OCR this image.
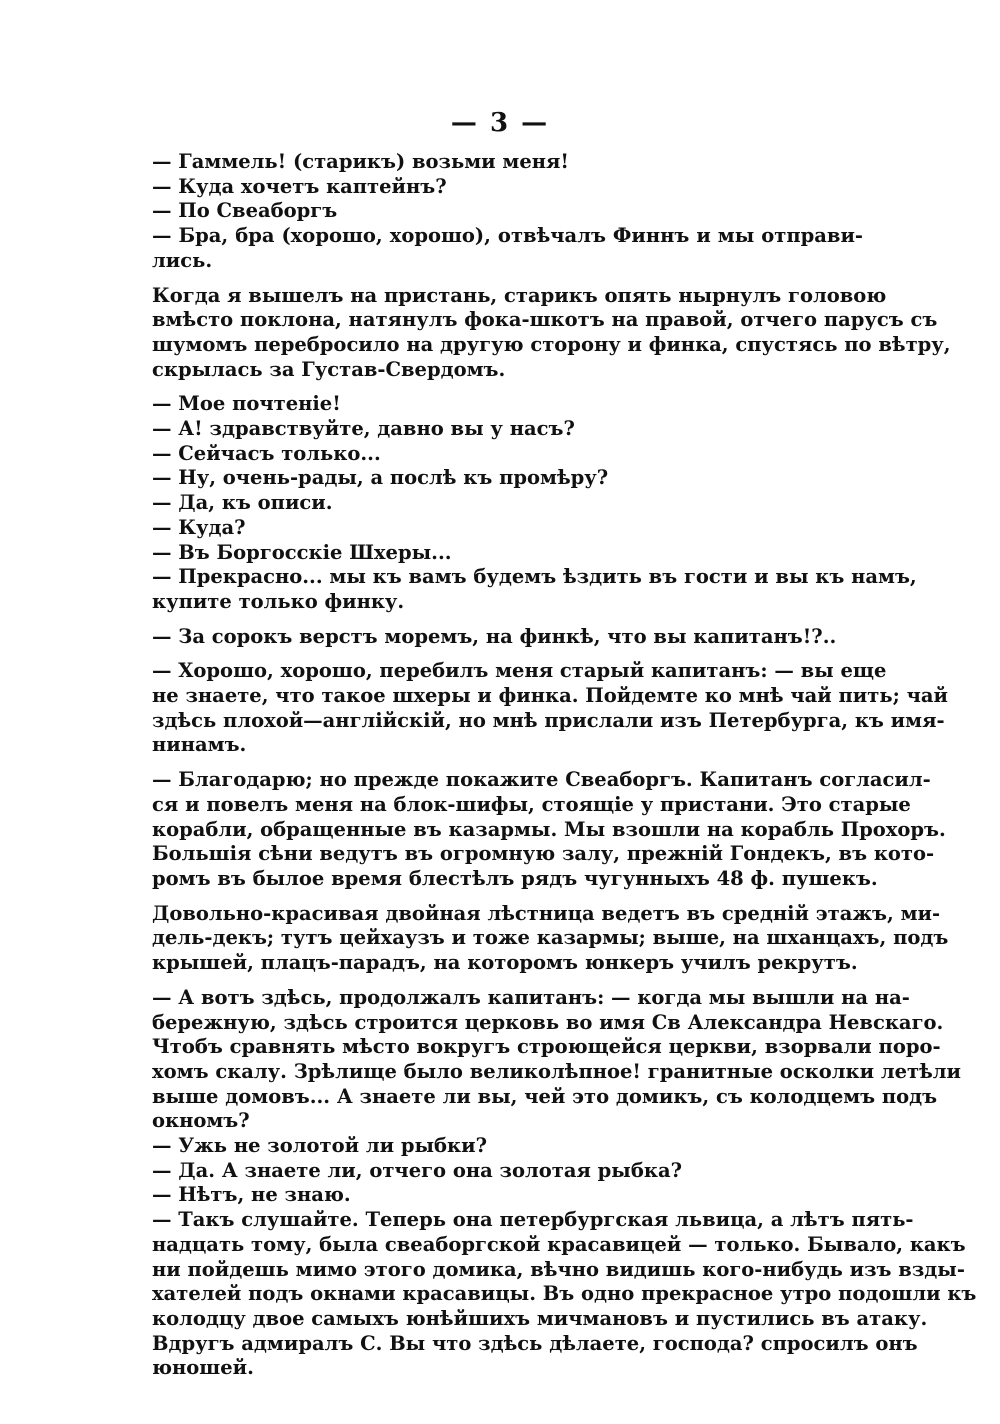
— 3 —
— Гаммель! (старикъ) возьми меня!
— Куда хочетъ каптейнъ?
— По Свеаборгъ
— Бра, бра (хорошо, хорошо), отвѣчалъ Финнъ и мы отправи-
лись.
Когда я вышелъ на пристань, старикъ опять нырнулъ головою
вмѣсто поклона, натянулъ фока-шкотъ на правой, отчего парусъ съ
шумомъ перебросило на другую сторону и финка, спустясь по вѣтру,
скрылась за Густав-Свердомъ.
— Мое почтенiе!
— А! здравствуйте, давно вы у насъ?
— Сейчасъ только...
— Ну, очень-рады, а послѣ къ промѣру?
— Да, къ описи.
— Куда?
— Въ Боргосскiе Шхеры...
— Прекрасно... мы къ вамъ будемъ ѣздить въ гости и вы къ намъ,
купите только финку.
— За сорокъ верстъ моремъ, на финкѣ, что вы капитанъ!?..
— Хорошо, хорошо, перебилъ меня старый капитанъ: — вы еще
не знаете, что такое шхеры и финка. Пойдемте ко мнѣ чай пить; чай
здѣсь плохой—англiйскiй, но мнѣ прислали изъ Петербурга, къ имя-
нинамъ.
— Благодарю; но прежде покажите Свеаборгъ. Капитанъ согласил-
ся и повелъ меня на блок-шифы, стоящiе у пристани. Это старые
корабли, обращенные въ казармы. Мы взошли на корабль Прохоръ.
Большiя сѣни ведутъ въ огромную залу, прежнiй Гондекъ, въ кото-
ромъ въ былое время блестѣлъ рядъ чугунныхъ 48 ф. пушекъ.
Довольно-красивая двойная лѣстница ведетъ въ среднiй этажъ, ми-
дель-декъ; тутъ цейхаузъ и тоже казармы; выше, на шханцахъ, подъ
крышей, плацъ-парадъ, на которомъ юнкеръ училъ рекрутъ.
— А вотъ здѣсь, продолжалъ капитанъ: — когда мы вышли на на-
бережную, здѣсь строится церковь во имя Св Александра Невскаго.
Чтобъ сравнять мѣсто вокругъ строющейся церкви, взорвали поро-
хомъ скалу. Зрѣлище было великолѣпное! гранитные осколки летѣли
выше домовъ... А знаете ли вы, чей это домикъ, съ колодцемъ подъ
окномъ?
— Ужь не золотой ли рыбки?
— Да. А знаете ли, отчего она золотая рыбка?
— Нѣтъ, не знаю.
— Такъ слушайте. Теперь она петербургская львица, а лѣтъ пять-
надцать тому, была свеаборгской красавицей — только. Бывало, какъ
ни пойдешь мимо этого домика, вѣчно видишь кого-нибудь изъ взды-
хателей подъ окнами красавицы. Въ одно прекрасное утро подошли къ
колодцу двое самыхъ юнѣйшихъ мичмановъ и пустились въ атаку.
Вдругъ адмиралъ С. Вы что здѣсь дѣлаете, господа? спросилъ онъ
юношей.
